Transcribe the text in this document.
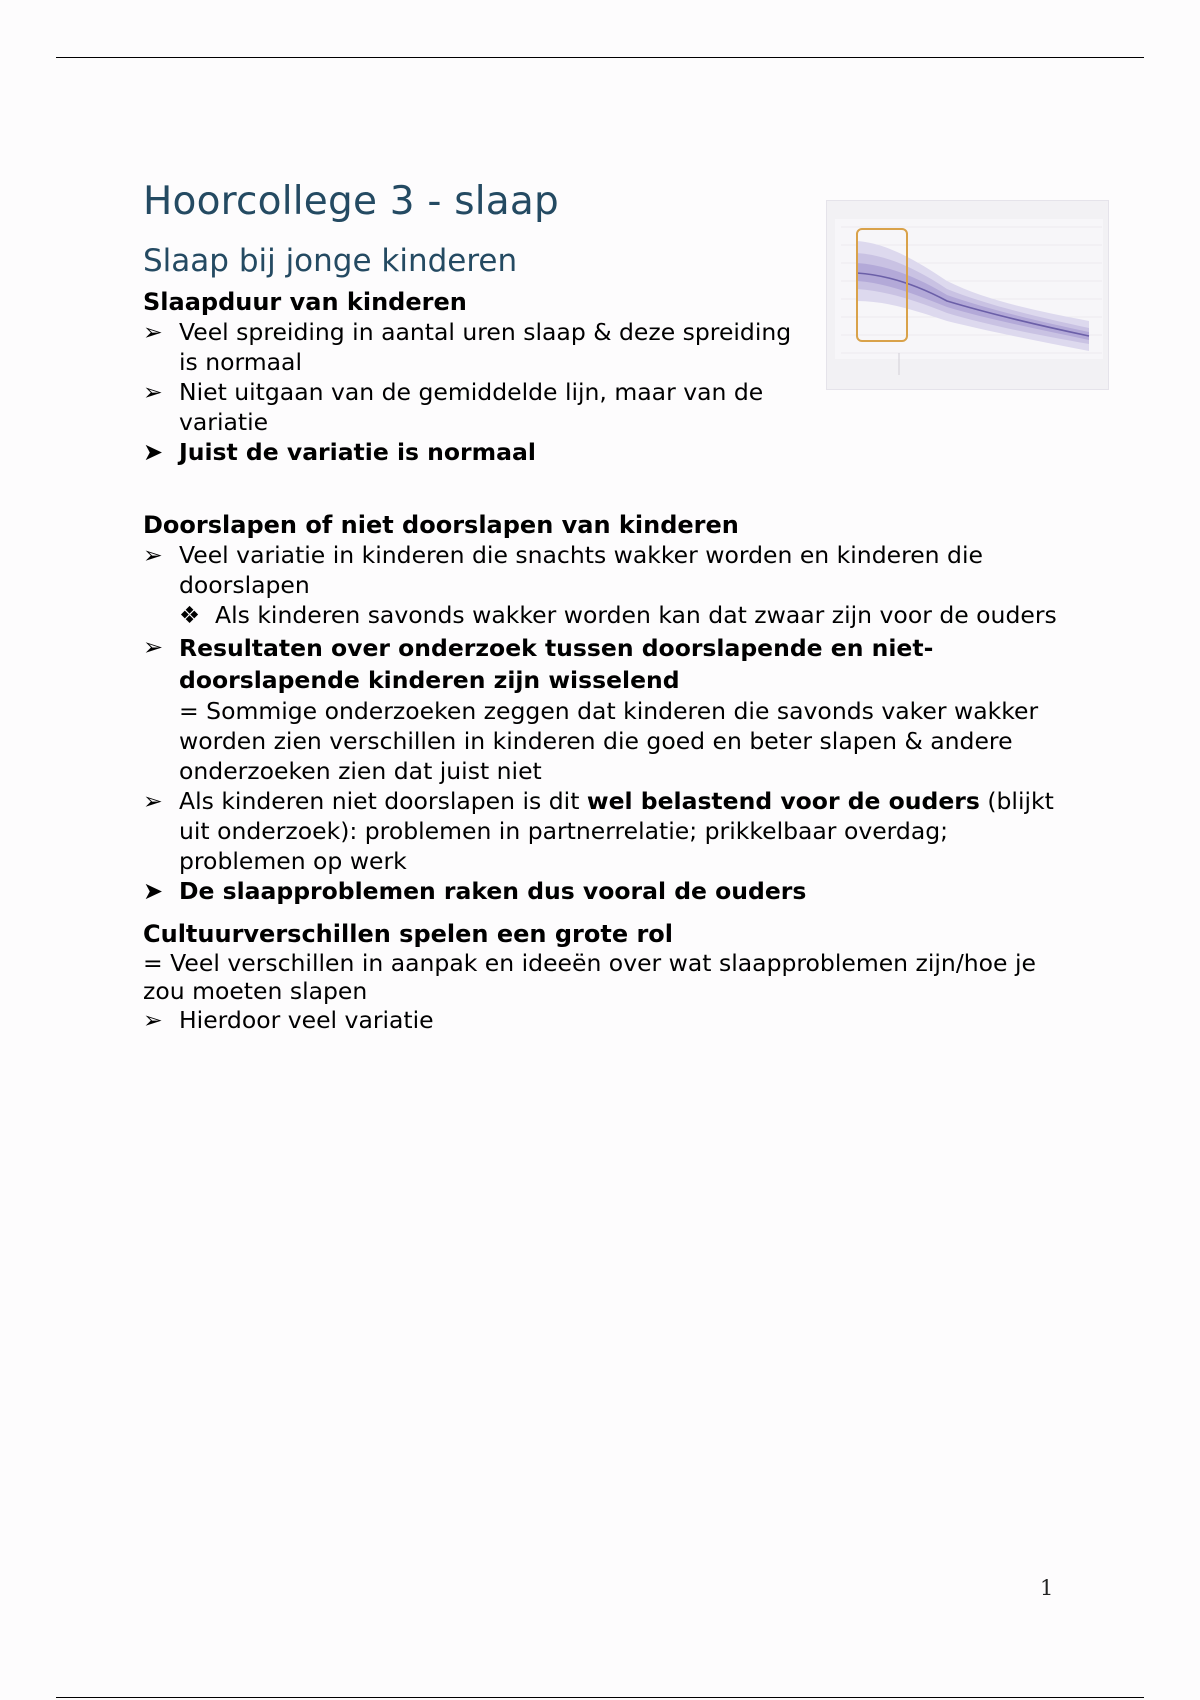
Hoorcollege 3 - slaap
Slaap bij jonge kinderen

Slaapduur van kinderen

➢ Veel spreiding in aantal uren slaap & deze spreiding is normaal
➢ Niet uitgaan van de gemiddelde lijn, maar van de variatie
➤ Juist de variatie is normaal

Doorslapen of niet doorslapen van kinderen

➢ Veel variatie in kinderen die snachts wakker worden en kinderen die doorslapen
❖ Als kinderen savonds wakker worden kan dat zwaar zijn voor de ouders
➢ Resultaten over onderzoek tussen doorslapende en niet-doorslapende kinderen zijn wisselend
= Sommige onderzoeken zeggen dat kinderen die savonds vaker wakker worden zien verschillen in kinderen die goed en beter slapen & andere onderzoeken zien dat juist niet
➢ Als kinderen niet doorslapen is dit wel belastend voor de ouders (blijkt uit onderzoek): problemen in partnerrelatie; prikkelbaar overdag; problemen op werk
➤ De slaapproblemen raken dus vooral de ouders

Cultuurverschillen spelen een grote rol

= Veel verschillen in aanpak en ideeën over wat slaapproblemen zijn/hoe je zou moeten slapen

➢ Hierdoor veel variatie
1
